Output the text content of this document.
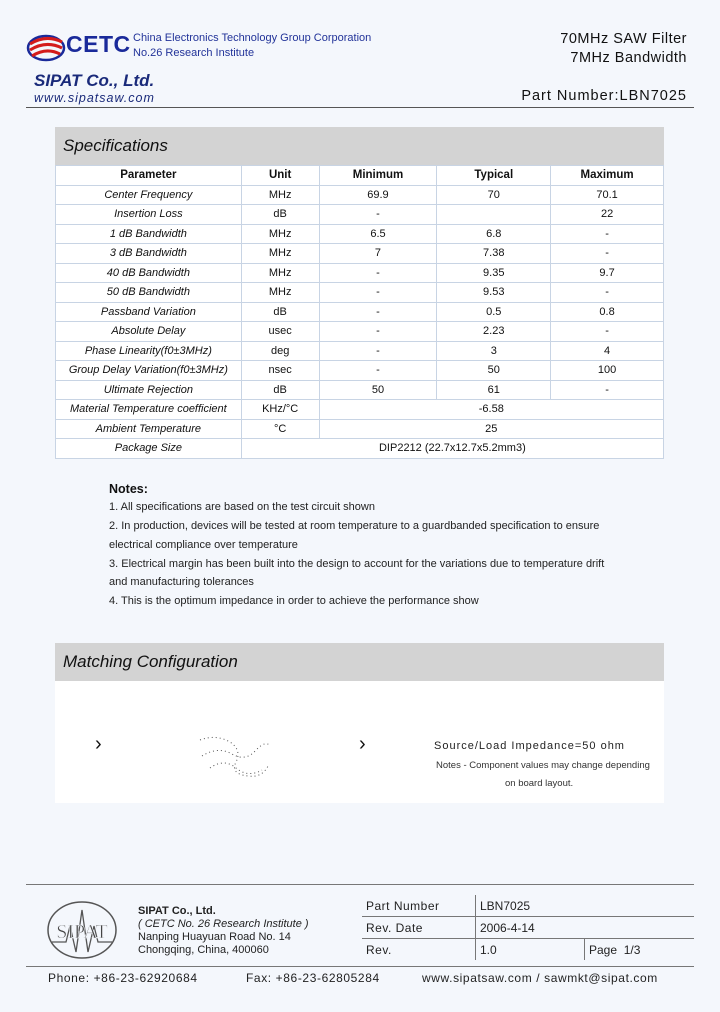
CETC China Electronics Technology Group Corporation
No.26 Research Institute
SIPAT Co., Ltd.
www.sipatsaw.com
70MHz SAW Filter
7MHz Bandwidth
Part Number:LBN7025
Specifications
Parameter	Unit	Minimum	Typical	Maximum
Center Frequency	MHz	69.9	70	70.1
Insertion Loss	dB	-		22
1 dB Bandwidth	MHz	6.5	6.8	-
3 dB Bandwidth	MHz	7	7.38	-
40 dB Bandwidth	MHz	-	9.35	9.7
50 dB Bandwidth	MHz	-	9.53	-
Passband Variation	dB	-	0.5	0.8
Absolute Delay	usec	-	2.23	-
Phase Linearity(f0±3MHz)	deg	-	3	4
Group Delay Variation(f0±3MHz)	nsec	-	50	100
Ultimate Rejection	dB	50	61	-
Material Temperature coefficient	KHz/°C	-6.58		
Ambient Temperature	°C	25		
Package Size	DIP2212 (22.7x12.7x5.2mm3)			
Notes:
1. All specifications are based on the test circuit shown
2. In production, devices will be tested at room temperature to a guardbanded specification to ensure
electrical compliance over temperature
3. Electrical margin has been built into the design to account for the variations due to temperature drift
and manufacturing tolerances
4. This is the optimum impedance in order to achieve the performance show
Matching Configuration
›	›	Source/Load Impedance=50 ohm
Notes - Component values may change depending
on board layout.
SIPAT
SIPAT Co., Ltd.
( CETC No. 26 Research Institute )
Nanping Huayuan Road No. 14
Chongqing, China, 400060
Part Number	LBN7025	
Rev. Date	2006-4-14	
Rev.	1.0	Page 1/3
Phone: +86-23-62920684	Fax: +86-23-62805284	www.sipatsaw.com / sawmkt@sipat.com
